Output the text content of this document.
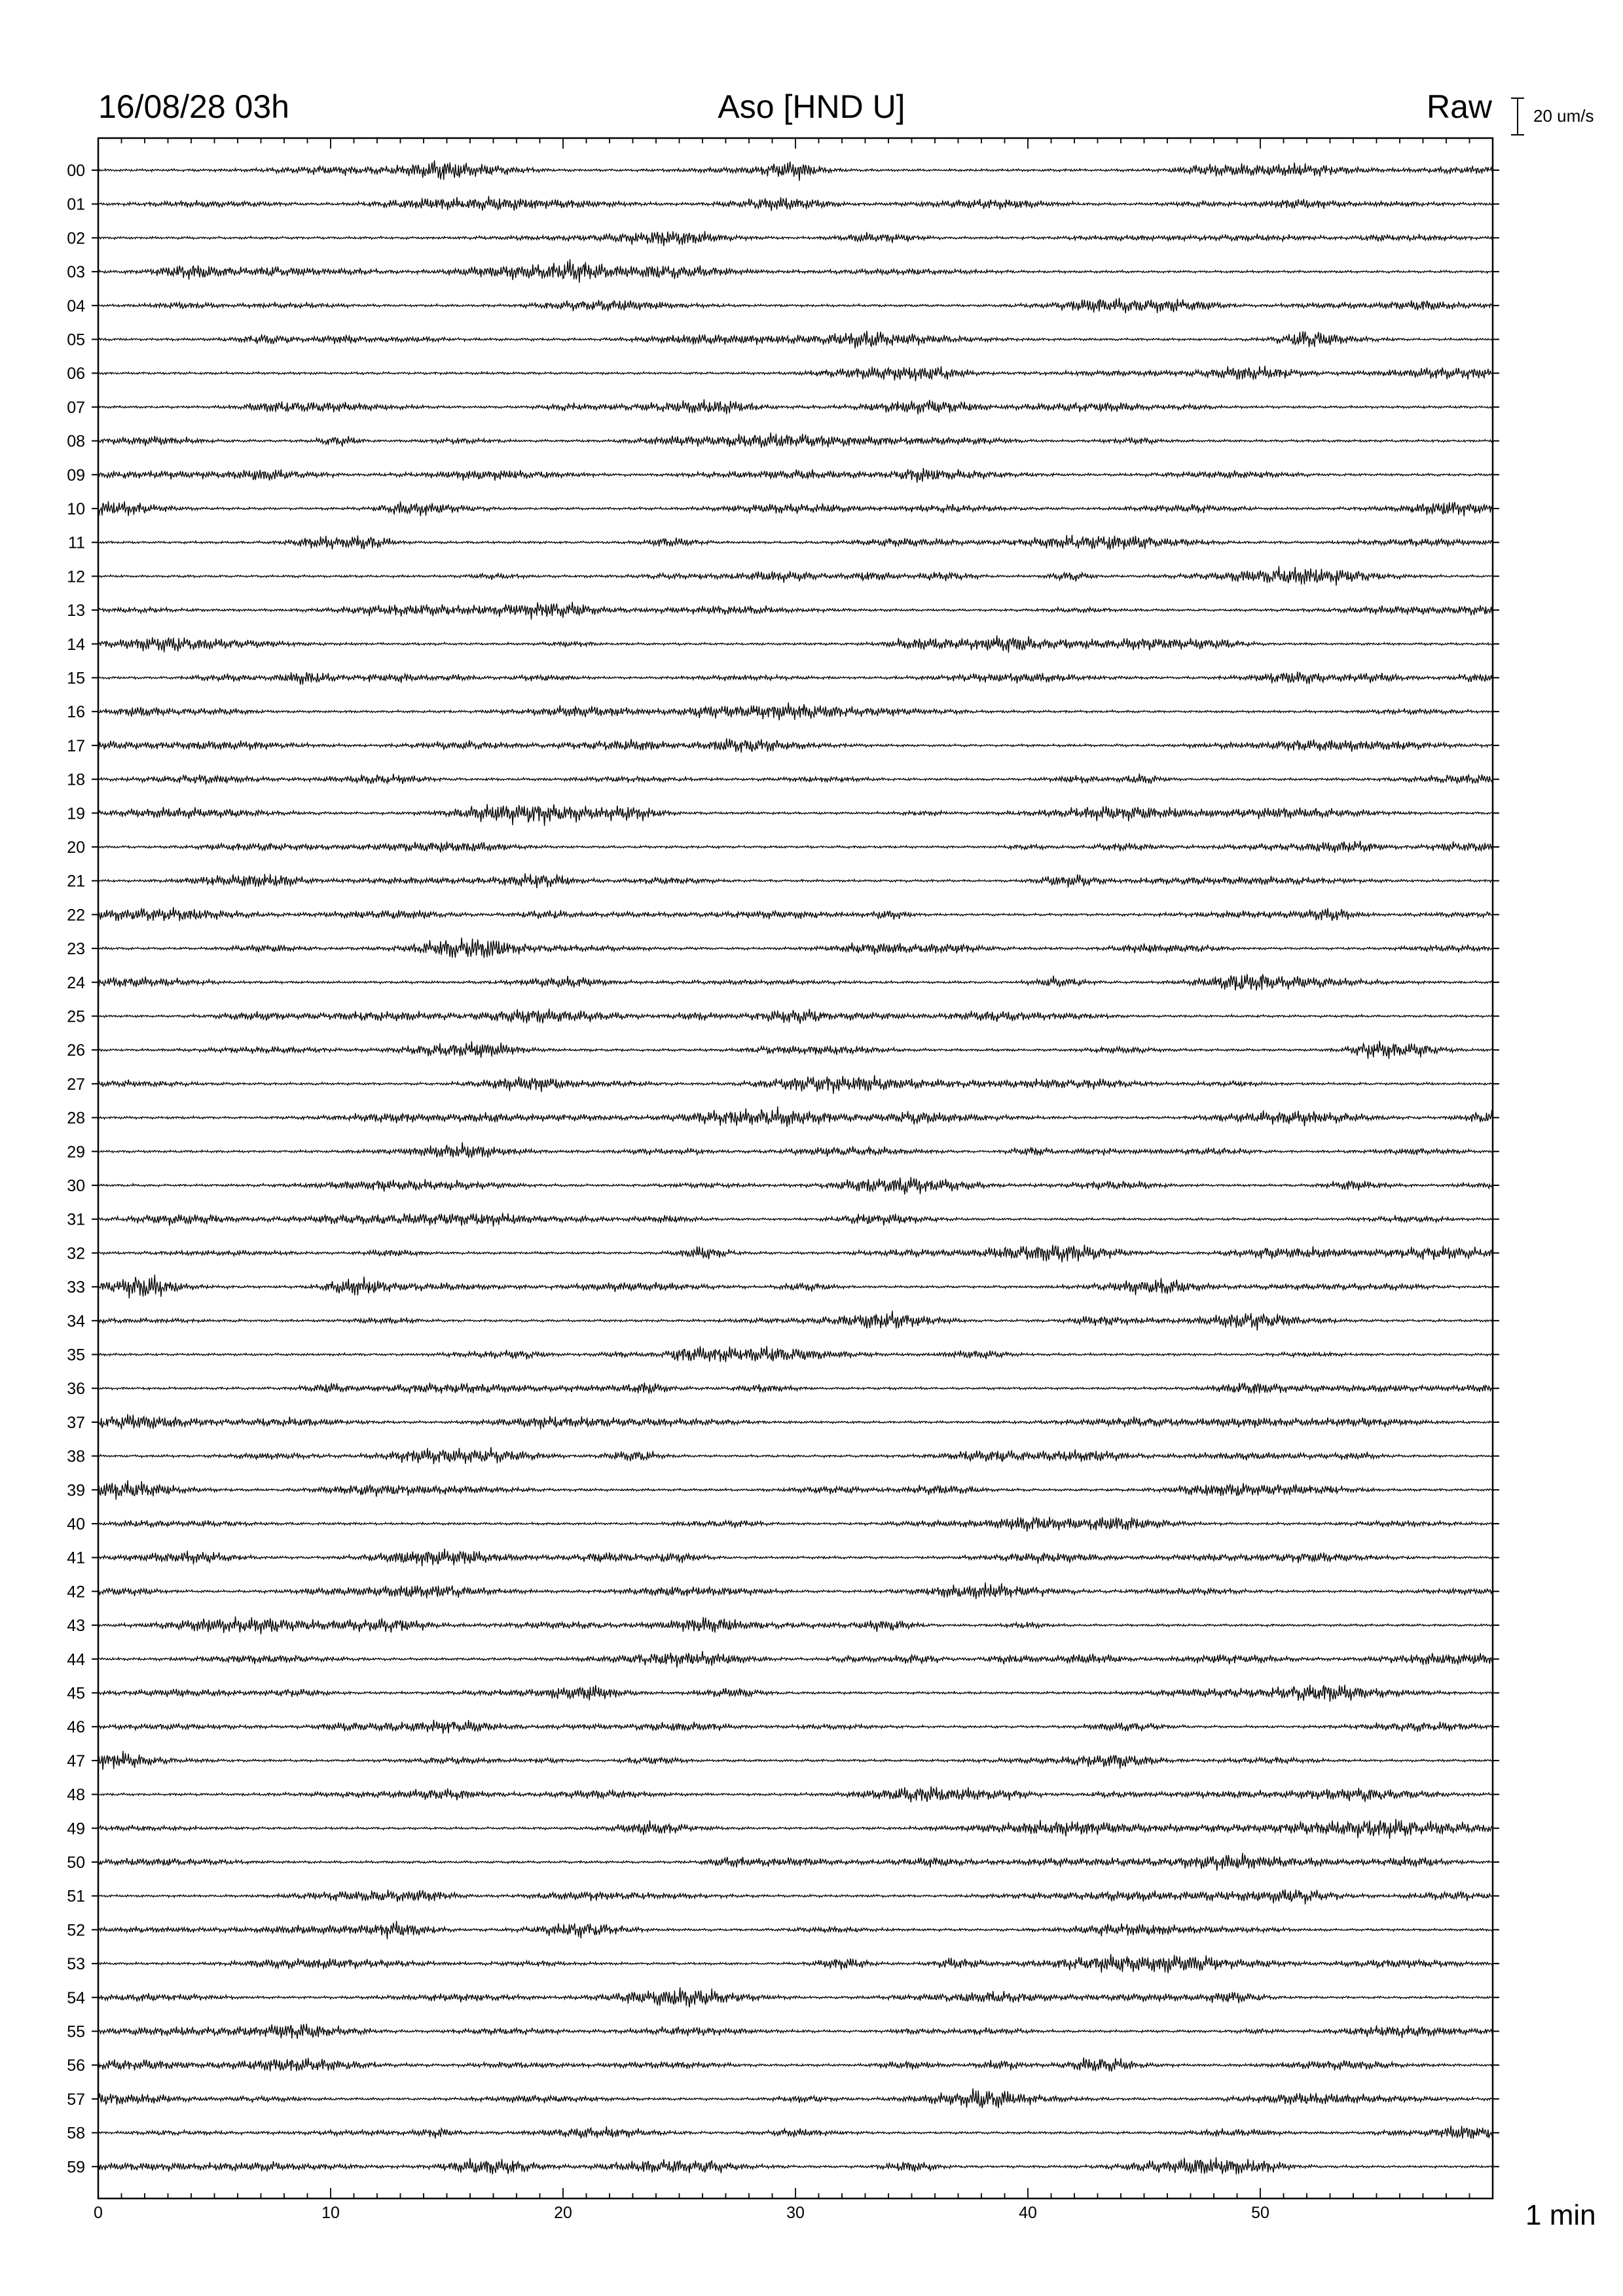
16/08/28 03h	Aso [HND U]	Raw 20 um/s
1 min
00
01
02
03
04
05
06
07
08
09
10
11
12
13
14
15
16
17
18
19
20
21
22
23
24
25
26
27
28
29
30
31
32
33
34
35
36
37
38
39
40
41
42
43
44
45
46
47
48
49
50
51
52
53
54
55
56
57
58
59
0	10	20	30	40	50
